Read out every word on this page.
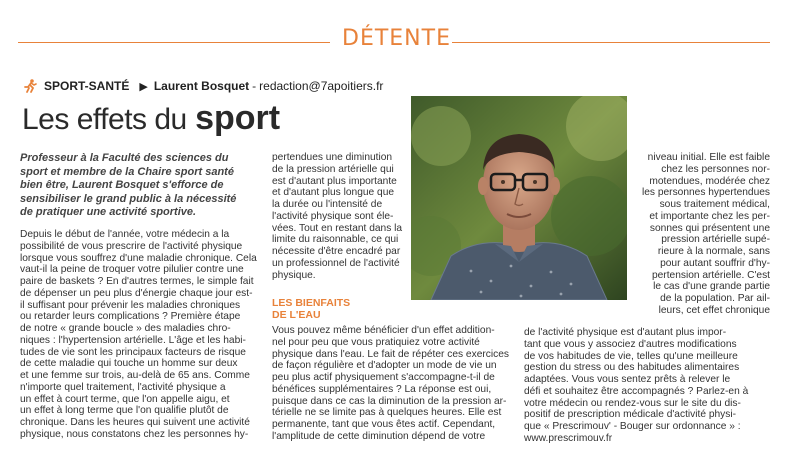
DÉTENTE
SPORT-SANTÉ ▶ Laurent Bosquet - redaction@7apoitiers.fr
Les effets du sport
Professeur à la Faculté des sciences du
sport et membre de la Chaire sport santé
bien être, Laurent Bosquet s'efforce de
sensibiliser le grand public à la nécessité
de pratiquer une activité sportive.
Depuis le début de l'année, votre médecin a la
possibilité de vous prescrire de l'activité physique
lorsque vous souffrez d'une maladie chronique. Cela
vaut-il la peine de troquer votre pilulier contre une
paire de baskets ? En d'autres termes, le simple fait
de dépenser un peu plus d'énergie chaque jour est-
il suffisant pour prévenir les maladies chroniques
ou retarder leurs complications ? Première étape
de notre « grande boucle » des maladies chro-
niques : l'hypertension artérielle. L'âge et les habi-
tudes de vie sont les principaux facteurs de risque
de cette maladie qui touche un homme sur deux
et une femme sur trois, au-delà de 65 ans. Comme
n'importe quel traitement, l'activité physique a
un effet à court terme, que l'on appelle aigu, et
un effet à long terme que l'on qualifie plutôt de
chronique. Dans les heures qui suivent une activité
physique, nous constatons chez les personnes hy-
pertendues une diminution
de la pression artérielle qui
est d'autant plus importante
et d'autant plus longue que
la durée ou l'intensité de
l'activité physique sont éle-
vées. Tout en restant dans la
limite du raisonnable, ce qui
nécessite d'être encadré par
un professionnel de l'activité
physique.
LES BIENFAITS
DE L'EAU
Vous pouvez même bénéficier d'un effet addition-
nel pour peu que vous pratiquiez votre activité
physique dans l'eau. Le fait de répéter ces exercices
de façon régulière et d'adopter un mode de vie un
peu plus actif physiquement s'accompagne-t-il de
bénéfices supplémentaires ? La réponse est oui,
puisque dans ce cas la diminution de la pression ar-
térielle ne se limite pas à quelques heures. Elle est
permanente, tant que vous êtes actif. Cependant,
l'amplitude de cette diminution dépend de votre
niveau initial. Elle est faible
chez les personnes nor-
motendues, modérée chez
les personnes hypertendues
sous traitement médical,
et importante chez les per-
sonnes qui présentent une
pression artérielle supé-
rieure à la normale, sans
pour autant souffrir d'hy-
pertension artérielle. C'est
le cas d'une grande partie
de la population. Par ail-
leurs, cet effet chronique
de l'activité physique est d'autant plus impor-
tant que vous y associez d'autres modifications
de vos habitudes de vie, telles qu'une meilleure
gestion du stress ou des habitudes alimentaires
adaptées. Vous vous sentez prêts à relever le
défi et souhaitez être accompagnés ? Parlez-en à
votre médecin ou rendez-vous sur le site du dis-
positif de prescription médicale d'activité physi-
que « Prescrimouv' - Bouger sur ordonnance » :
www.prescrimouv.fr
